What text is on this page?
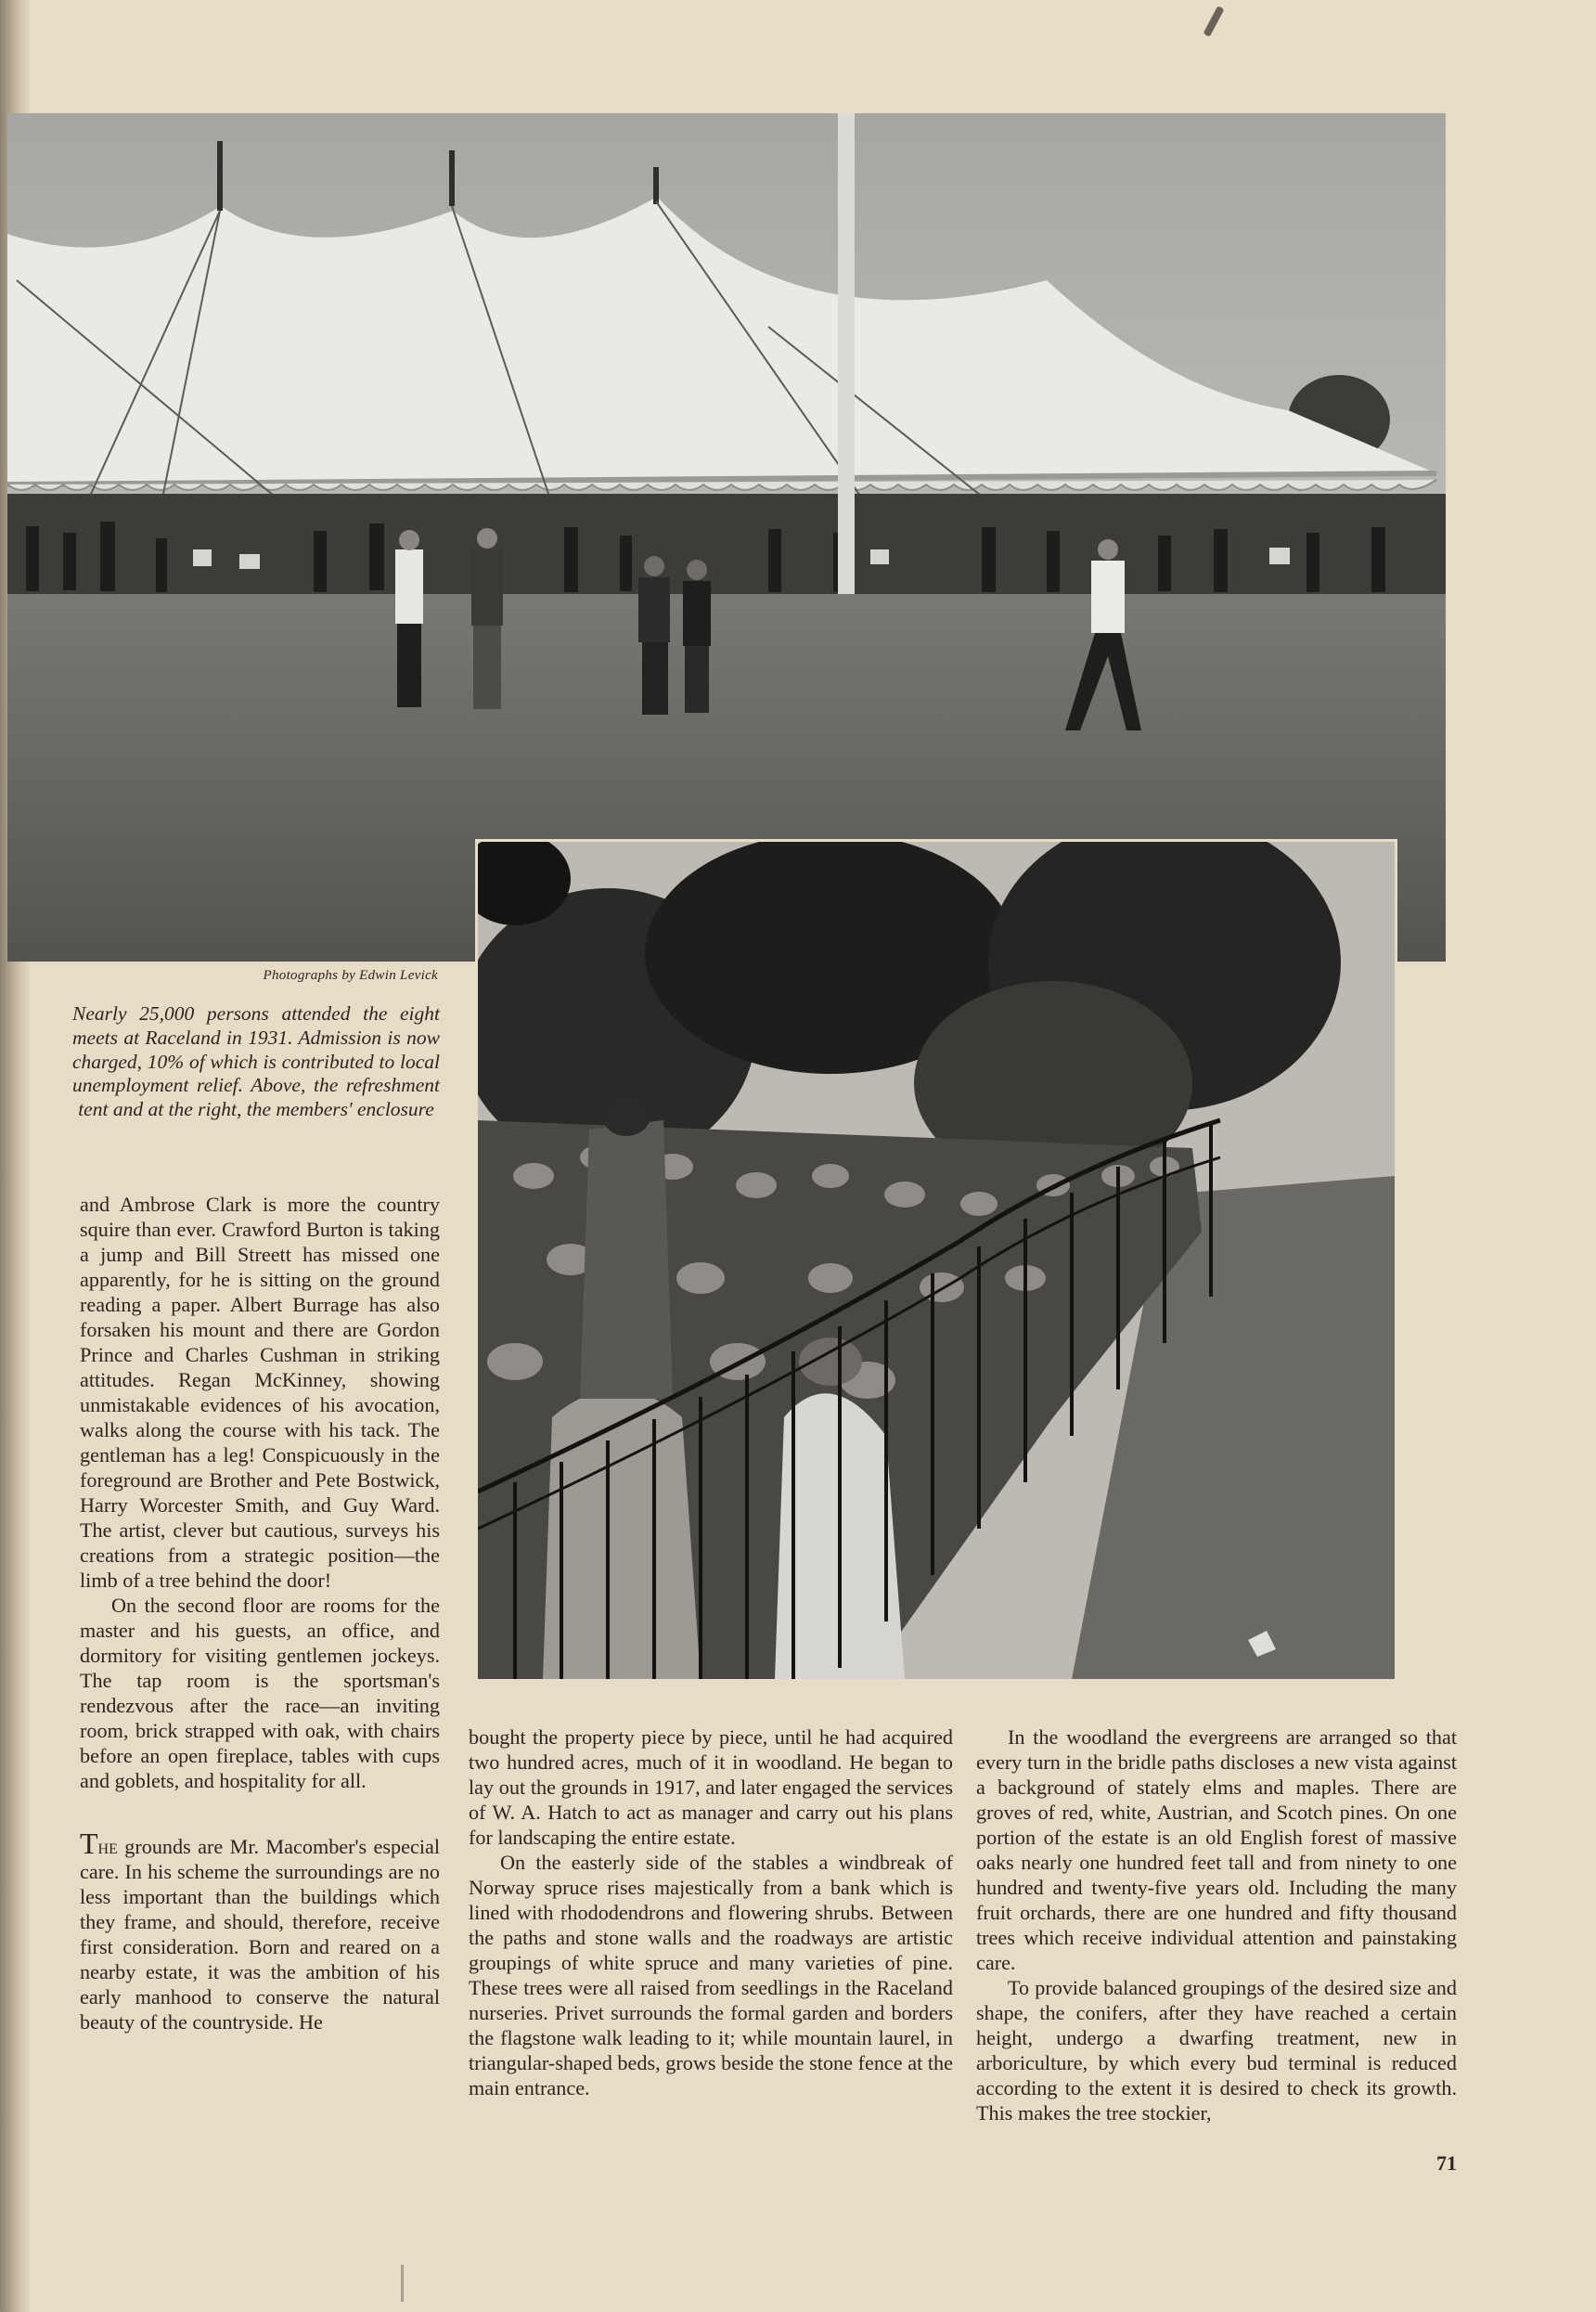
Photographs by Edwin Levick
Nearly 25,000 persons attended the eight meets at Raceland in 1931. Admission is now charged, 10% of which is contributed to local unemployment relief. Above, the refreshment tent and at the right, the members' enclosure

and Ambrose Clark is more the country squire than ever. Crawford Burton is taking a jump and Bill Streett has missed one apparently, for he is sitting on the ground reading a paper. Albert Burrage has also forsaken his mount and there are Gordon Prince and Charles Cushman in striking attitudes. Regan McKinney, showing unmistakable evidences of his avocation, walks along the course with his tack. The gentleman has a leg! Conspicuously in the foreground are Brother and Pete Bostwick, Harry Worcester Smith, and Guy Ward. The artist, clever but cautious, surveys his creations from a strategic position—the limb of a tree behind the door!

On the second floor are rooms for the master and his guests, an office, and dormitory for visiting gentlemen jockeys. The tap room is the sportsman's rendezvous after the race—an inviting room, brick strapped with oak, with chairs before an open fireplace, tables with cups and goblets, and hospitality for all.

The grounds are Mr. Macomber's especial care. In his scheme the surroundings are no less important than the buildings which they frame, and should, therefore, receive first consideration. Born and reared on a nearby estate, it was the ambition of his early manhood to conserve the natural beauty of the countryside. He

bought the property piece by piece, until he had acquired two hundred acres, much of it in woodland. He began to lay out the grounds in 1917, and later engaged the services of W. A. Hatch to act as manager and carry out his plans for landscaping the entire estate.

On the easterly side of the stables a windbreak of Norway spruce rises majestically from a bank which is lined with rhododendrons and flowering shrubs. Between the paths and stone walls and the roadways are artistic groupings of white spruce and many varieties of pine. These trees were all raised from seedlings in the Raceland nurseries. Privet surrounds the formal garden and borders the flagstone walk leading to it; while mountain laurel, in triangular-shaped beds, grows beside the stone fence at the main entrance.

In the woodland the evergreens are arranged so that every turn in the bridle paths discloses a new vista against a background of stately elms and maples. There are groves of red, white, Austrian, and Scotch pines. On one portion of the estate is an old English forest of massive oaks nearly one hundred feet tall and from ninety to one hundred and twenty-five years old. Including the many fruit orchards, there are one hundred and fifty thousand trees which receive individual attention and painstaking care.

To provide balanced groupings of the desired size and shape, the conifers, after they have reached a certain height, undergo a dwarfing treatment, new in arboriculture, by which every bud terminal is reduced according to the extent it is desired to check its growth. This makes the tree stockier,

71
